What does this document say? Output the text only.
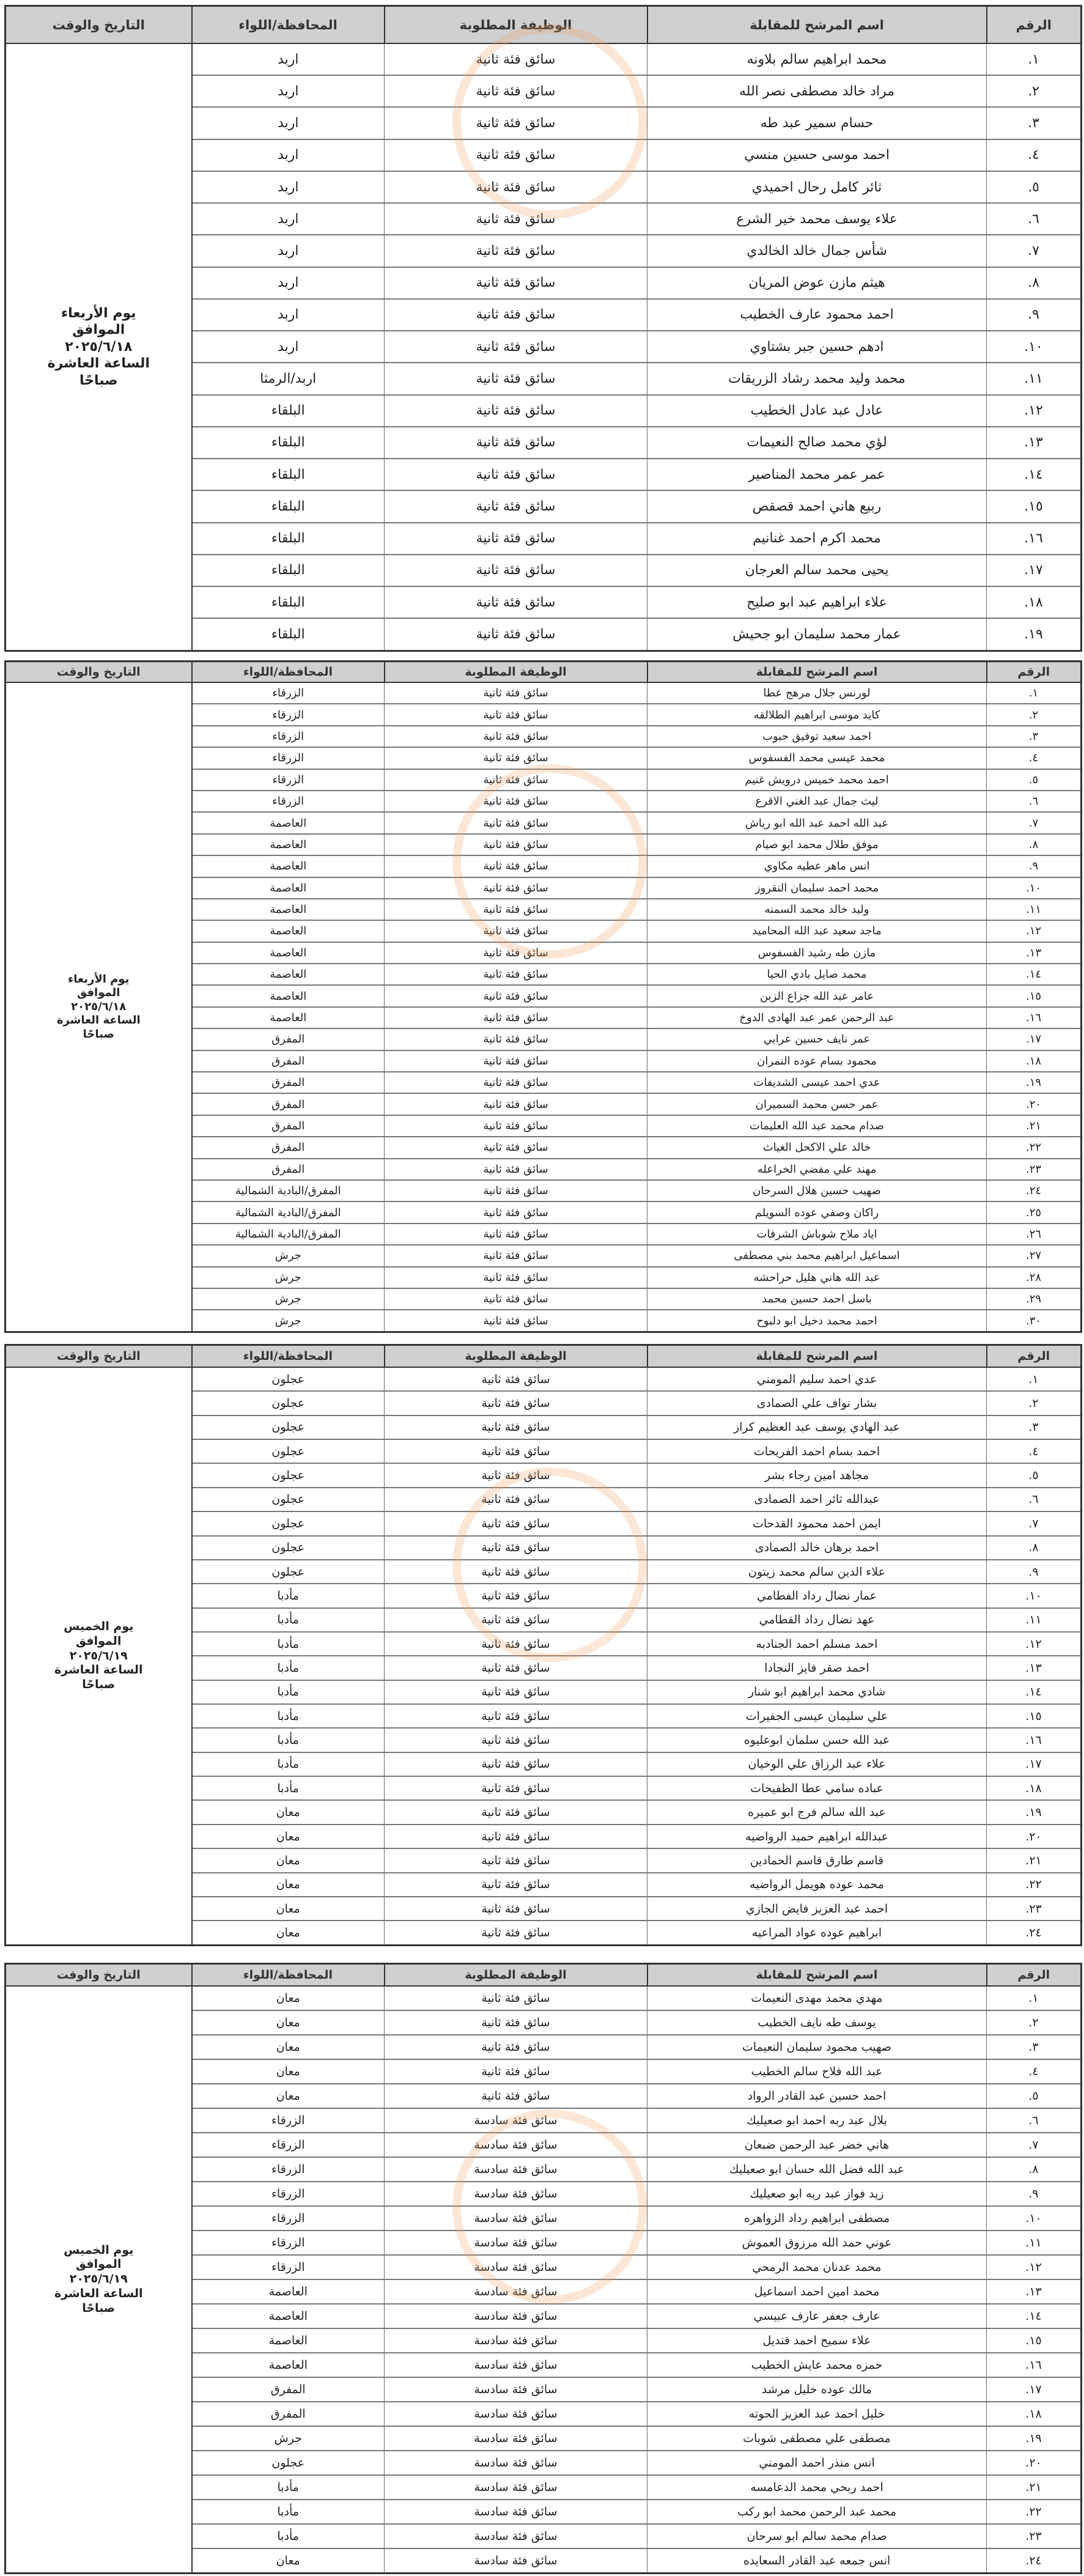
الرقم	اسم المرشح للمقابلة	الوظيفة المطلوبة	المحافظة/اللواء	التاريخ والوقت
١.	محمد ابراهيم سالم بلاونه	سائق فئة ثانية	اربد	يوم الأربعاء
الموافق
٢٠٢٥/٦/١٨
الساعة العاشرة
صباحًا

٢.	مراد خالد مصطفى نصر الله	سائق فئة ثانية	اربد	
٣.	حسام سمير عبد طه	سائق فئة ثانية	اربد	
٤.	احمد موسى حسين منسي	سائق فئة ثانية	اربد	
٥.	ثائر كامل رحال احميدي	سائق فئة ثانية	اربد	
٦.	علاء يوسف محمد خير الشرع	سائق فئة ثانية	اربد	
٧.	شأس جمال خالد الخالدي	سائق فئة ثانية	اربد	
٨.	هيثم مازن عوض المريان	سائق فئة ثانية	اربد	
٩.	احمد محمود عارف الخطيب	سائق فئة ثانية	اربد	
١٠.	ادهم حسين جبر بشتاوي	سائق فئة ثانية	اربد	
١١.	محمد وليد محمد رشاد الزريقات	سائق فئة ثانية	اربد/الرمثا	
١٢.	عادل عبد عادل الخطيب	سائق فئة ثانية	البلقاء	
١٣.	لؤي محمد صالح النعيمات	سائق فئة ثانية	البلقاء	
١٤.	عمر عمر محمد المناصير	سائق فئة ثانية	البلقاء	
١٥.	ربيع هاني احمد قصقص	سائق فئة ثانية	البلقاء	
١٦.	محمد اكرم احمد غنانيم	سائق فئة ثانية	البلقاء	
١٧.	يحيى محمد سالم العرجان	سائق فئة ثانية	البلقاء	
١٨.	علاء ابراهيم عبد ابو صليح	سائق فئة ثانية	البلقاء	
١٩.	عمار محمد سليمان ابو جحيش	سائق فئة ثانية	البلقاء	
الرقم	اسم المرشح للمقابلة	الوظيفة المطلوبة	المحافظة/اللواء	التاريخ والوقت
١.	لورنس جلال مرهج عطا	سائق فئة ثانية	الزرقاء	يوم الأربعاء
الموافق
٢٠٢٥/٦/١٨
الساعة العاشرة
صباحًا

٢.	كايد موسى ابراهيم الطلالقه	سائق فئة ثانية	الزرقاء	
٣.	احمد سعيد توفيق حبوب	سائق فئة ثانية	الزرقاء	
٤.	محمد عيسى محمد الفسفوس	سائق فئة ثانية	الزرقاء	
٥.	احمد محمد خميس درويش غنيم	سائق فئة ثانية	الزرقاء	
٦.	ليث جمال عبد الغني الاقرع	سائق فئة ثانية	الزرقاء	
٧.	عبد الله احمد عبد الله ابو رياش	سائق فئة ثانية	العاصمة	
٨.	موفق طلال محمد ابو صيام	سائق فئة ثانية	العاصمة	
٩.	انس ماهر عطيه مكاوي	سائق فئة ثانية	العاصمة	
١٠.	محمد احمد سليمان النقروز	سائق فئة ثانية	العاصمة	
١١.	وليد خالد محمد السمنه	سائق فئة ثانية	العاصمة	
١٢.	ماجد سعيد عبد الله المحاميد	سائق فئة ثانية	العاصمة	
١٣.	مازن طه رشيد الفسفوس	سائق فئة ثانية	العاصمة	
١٤.	محمد صايل بادي الحيا	سائق فئة ثانية	العاصمة	
١٥.	عامر عبد الله جزاع الزبن	سائق فئة ثانية	العاصمة	
١٦.	عبد الرحمن عمر عبد الهادى الدوخ	سائق فئة ثانية	العاصمة	
١٧.	عمر نايف حسين عرابي	سائق فئة ثانية	المفرق	
١٨.	محمود بسام عوده النمران	سائق فئة ثانية	المفرق	
١٩.	عدي احمد عيسى الشديفات	سائق فئة ثانية	المفرق	
٢٠.	عمر حسن محمد السميران	سائق فئة ثانية	المفرق	
٢١.	صدام محمد عبد الله العليمات	سائق فئة ثانية	المفرق	
٢٢.	خالد علي الاكحل الغياث	سائق فئة ثانية	المفرق	
٢٣.	مهند علي مفضي الخراعله	سائق فئة ثانية	المفرق	
٢٤.	صهيب حسين هلال السرحان	سائق فئة ثانية	المفرق/البادية الشمالية	
٢٥.	راكان وصفي عوده السويلم	سائق فئة ثانية	المفرق/البادية الشمالية	
٢٦.	اياد ملاح شوباش الشرفات	سائق فئة ثانية	المفرق/البادية الشمالية	
٢٧.	اسماعيل ابراهيم محمد بني مصطفى	سائق فئة ثانية	جرش	
٢٨.	عبد الله هاني هليل حراحشه	سائق فئة ثانية	جرش	
٢٩.	باسل احمد حسين محمد	سائق فئة ثانية	جرش	
٣٠.	احمد محمد دخيل ابو دلبوح	سائق فئة ثانية	جرش	
الرقم	اسم المرشح للمقابلة	الوظيفة المطلوبة	المحافظة/اللواء	التاريخ والوقت
١.	عدي احمد سليم المومني	سائق فئة ثانية	عجلون	يوم الخميس
الموافق
٢٠٢٥/٦/١٩
الساعة العاشرة
صباحًا

٢.	بشار نواف علي الصمادى	سائق فئة ثانية	عجلون	
٣.	عبد الهادي يوسف عبد العظيم كراز	سائق فئة ثانية	عجلون	
٤.	احمد بسام احمد الفريحات	سائق فئة ثانية	عجلون	
٥.	مجاهد امين رجاء بشر	سائق فئة ثانية	عجلون	
٦.	عبدالله ثائر احمد الصمادى	سائق فئة ثانية	عجلون	
٧.	ايمن احمد محمود القدحات	سائق فئة ثانية	عجلون	
٨.	احمد برهان خالد الصمادى	سائق فئة ثانية	عجلون	
٩.	علاء الدين سالم محمد زيتون	سائق فئة ثانية	عجلون	
١٠.	عمار نضال رداد الفطامي	سائق فئة ثانية	مأدبا	
١١.	عهد نضال رداد القطامي	سائق فئة ثانية	مأدبا	
١٢.	احمد مسلم احمد الجنادبه	سائق فئة ثانية	مأدبا	
١٣.	احمد صقر فايز النجادا	سائق فئة ثانية	مأدبا	
١٤.	شادي محمد ابراهيم ابو شنار	سائق فئة ثانية	مأدبا	
١٥.	علي سليمان عيسى الجفيرات	سائق فئة ثانية	مأدبا	
١٦.	عبد الله حسن سلمان ابوعليوه	سائق فئة ثانية	مأدبا	
١٧.	علاء عبد الرزاق علي الوخيان	سائق فئة ثانية	مأدبا	
١٨.	عباده سامي عطا الطفيحات	سائق فئة ثانية	مأدبا	
١٩.	عبد الله سالم فرج ابو عميره	سائق فئة ثانية	معان	
٢٠.	عبدالله ابراهيم حميد الرواضيه	سائق فئة ثانية	معان	
٢١.	قاسم طارق قاسم الحمادين	سائق فئة ثانية	معان	
٢٢.	محمد عوده هويمل الرواضيه	سائق فئة ثانية	معان	
٢٣.	احمد عبد العزيز فايض الجازي	سائق فئة ثانية	معان	
٢٤.	ابراهيم عوده عواد المراعيه	سائق فئة ثانية	معان	
الرقم	اسم المرشح للمقابلة	الوظيفة المطلوبة	المحافظة/اللواء	التاريخ والوقت
١.	مهدي محمد مهدى النعيمات	سائق فئة ثانية	معان	يوم الخميس
الموافق
٢٠٢٥/٦/١٩
الساعة العاشرة
صباحًا

٢.	يوسف طه نايف الخطيب	سائق فئة ثانية	معان	
٣.	صهيب محمود سليمان النعيمات	سائق فئة ثانية	معان	
٤.	عبد الله فلاح سالم الخطيب	سائق فئة ثانية	معان	
٥.	احمد حسين عبد القادر الرواد	سائق فئة ثانية	معان	
٦.	بلال عبد ربه احمد ابو صعيليك	سائق فئة سادسة	الزرقاء	
٧.	هاني خضر عبد الرحمن ضبعان	سائق فئة سادسة	الزرقاء	
٨.	عبد الله فضل الله حسان ابو صعيليك	سائق فئة سادسة	الزرقاء	
٩.	زيد فواز عبد ربه ابو صعيليك	سائق فئة سادسة	الزرقاء	
١٠.	مصطفى ابراهيم رداد الزواهره	سائق فئة سادسة	الزرقاء	
١١.	عوني حمد الله مرزوق العموش	سائق فئة سادسة	الزرقاء	
١٢.	محمد عدنان محمد الرمحي	سائق فئة سادسة	الزرقاء	
١٣.	محمد امين احمد اسماعيل	سائق فئة سادسة	العاصمة	
١٤.	عارف جعفر عارف عبيسي	سائق فئة سادسة	العاصمة	
١٥.	علاء سميح احمد قنديل	سائق فئة سادسة	العاصمة	
١٦.	حمزه محمد عايش الخطيب	سائق فئة سادسة	العاصمة	
١٧.	مالك عوده خليل مرشد	سائق فئة سادسة	المفرق	
١٨.	خليل احمد عبد العزيز الحوته	سائق فئة سادسة	المفرق	
١٩.	مصطفى علي مصطفى شوبات	سائق فئة سادسة	جرش	
٢٠.	انس منذر احمد المومني	سائق فئة سادسة	عجلون	
٢١.	احمد ربحي محمد الدعامسه	سائق فئة سادسة	مأدبا	
٢٢.	محمد عبد الرحمن محمد ابو ركب	سائق فئة سادسة	مأدبا	
٢٣.	صدام محمد سالم ابو سرحان	سائق فئة سادسة	مأدبا	
٢٤.	انس جمعه عبد القادر السعايده	سائق فئة سادسة	معان	
